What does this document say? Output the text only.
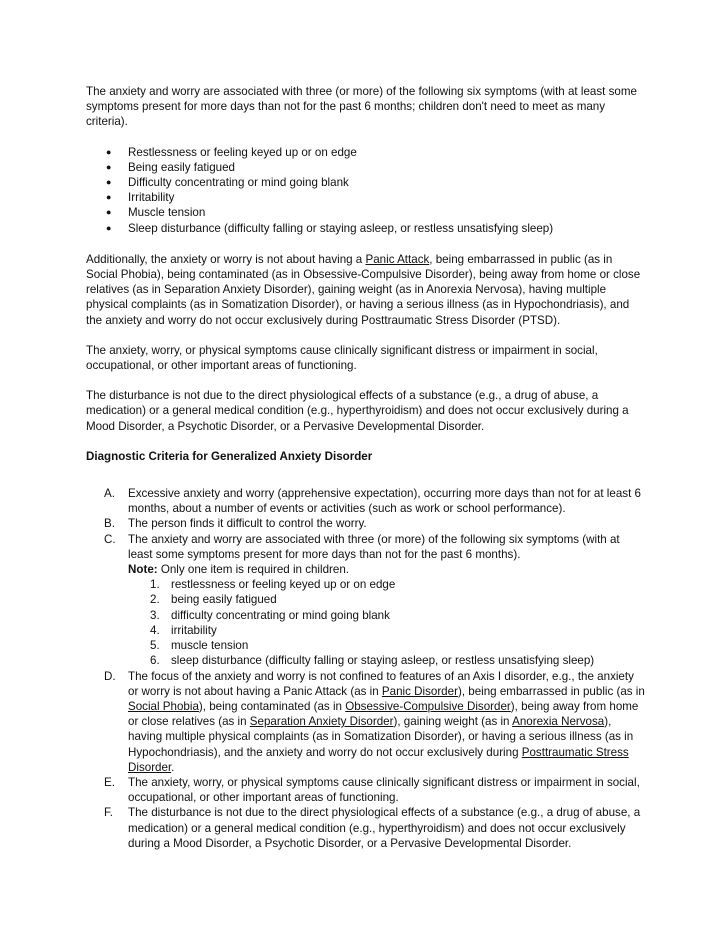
The anxiety and worry are associated with three (or more) of the following six symptoms (with at least some symptoms present for more days than not for the past 6 months; children don't need to meet as many criteria).

● Restlessness or feeling keyed up or on edge
● Being easily fatigued
● Difficulty concentrating or mind going blank
● Irritability
● Muscle tension
● Sleep disturbance (difficulty falling or staying asleep, or restless unsatisfying sleep)

Additionally, the anxiety or worry is not about having a Panic Attack, being embarrassed in public (as in Social Phobia), being contaminated (as in Obsessive-Compulsive Disorder), being away from home or close relatives (as in Separation Anxiety Disorder), gaining weight (as in Anorexia Nervosa), having multiple physical complaints (as in Somatization Disorder), or having a serious illness (as in Hypochondriasis), and the anxiety and worry do not occur exclusively during Posttraumatic Stress Disorder (PTSD).

The anxiety, worry, or physical symptoms cause clinically significant distress or impairment in social, occupational, or other important areas of functioning.

The disturbance is not due to the direct physiological effects of a substance (e.g., a drug of abuse, a medication) or a general medical condition (e.g., hyperthyroidism) and does not occur exclusively during a Mood Disorder, a Psychotic Disorder, or a Pervasive Developmental Disorder.

Diagnostic Criteria for Generalized Anxiety Disorder
A. Excessive anxiety and worry (apprehensive expectation), occurring more days than not for at least 6 months, about a number of events or activities (such as work or school performance).
B. The person finds it difficult to control the worry.
C. The anxiety and worry are associated with three (or more) of the following six symptoms (with at least some symptoms present for more days than not for the past 6 months).
Note: Only one item is required in children.
1. restlessness or feeling keyed up or on edge
2. being easily fatigued
3. difficulty concentrating or mind going blank
4. irritability
5. muscle tension
6. sleep disturbance (difficulty falling or staying asleep, or restless unsatisfying sleep)
D. The focus of the anxiety and worry is not confined to features of an Axis I disorder, e.g., the anxiety or worry is not about having a Panic Attack (as in Panic Disorder), being embarrassed in public (as in Social Phobia), being contaminated (as in Obsessive-Compulsive Disorder), being away from home or close relatives (as in Separation Anxiety Disorder), gaining weight (as in Anorexia Nervosa), having multiple physical complaints (as in Somatization Disorder), or having a serious illness (as in Hypochondriasis), and the anxiety and worry do not occur exclusively during Posttraumatic Stress Disorder.
E. The anxiety, worry, or physical symptoms cause clinically significant distress or impairment in social, occupational, or other important areas of functioning.
F. The disturbance is not due to the direct physiological effects of a substance (e.g., a drug of abuse, a medication) or a general medical condition (e.g., hyperthyroidism) and does not occur exclusively during a Mood Disorder, a Psychotic Disorder, or a Pervasive Developmental Disorder.
